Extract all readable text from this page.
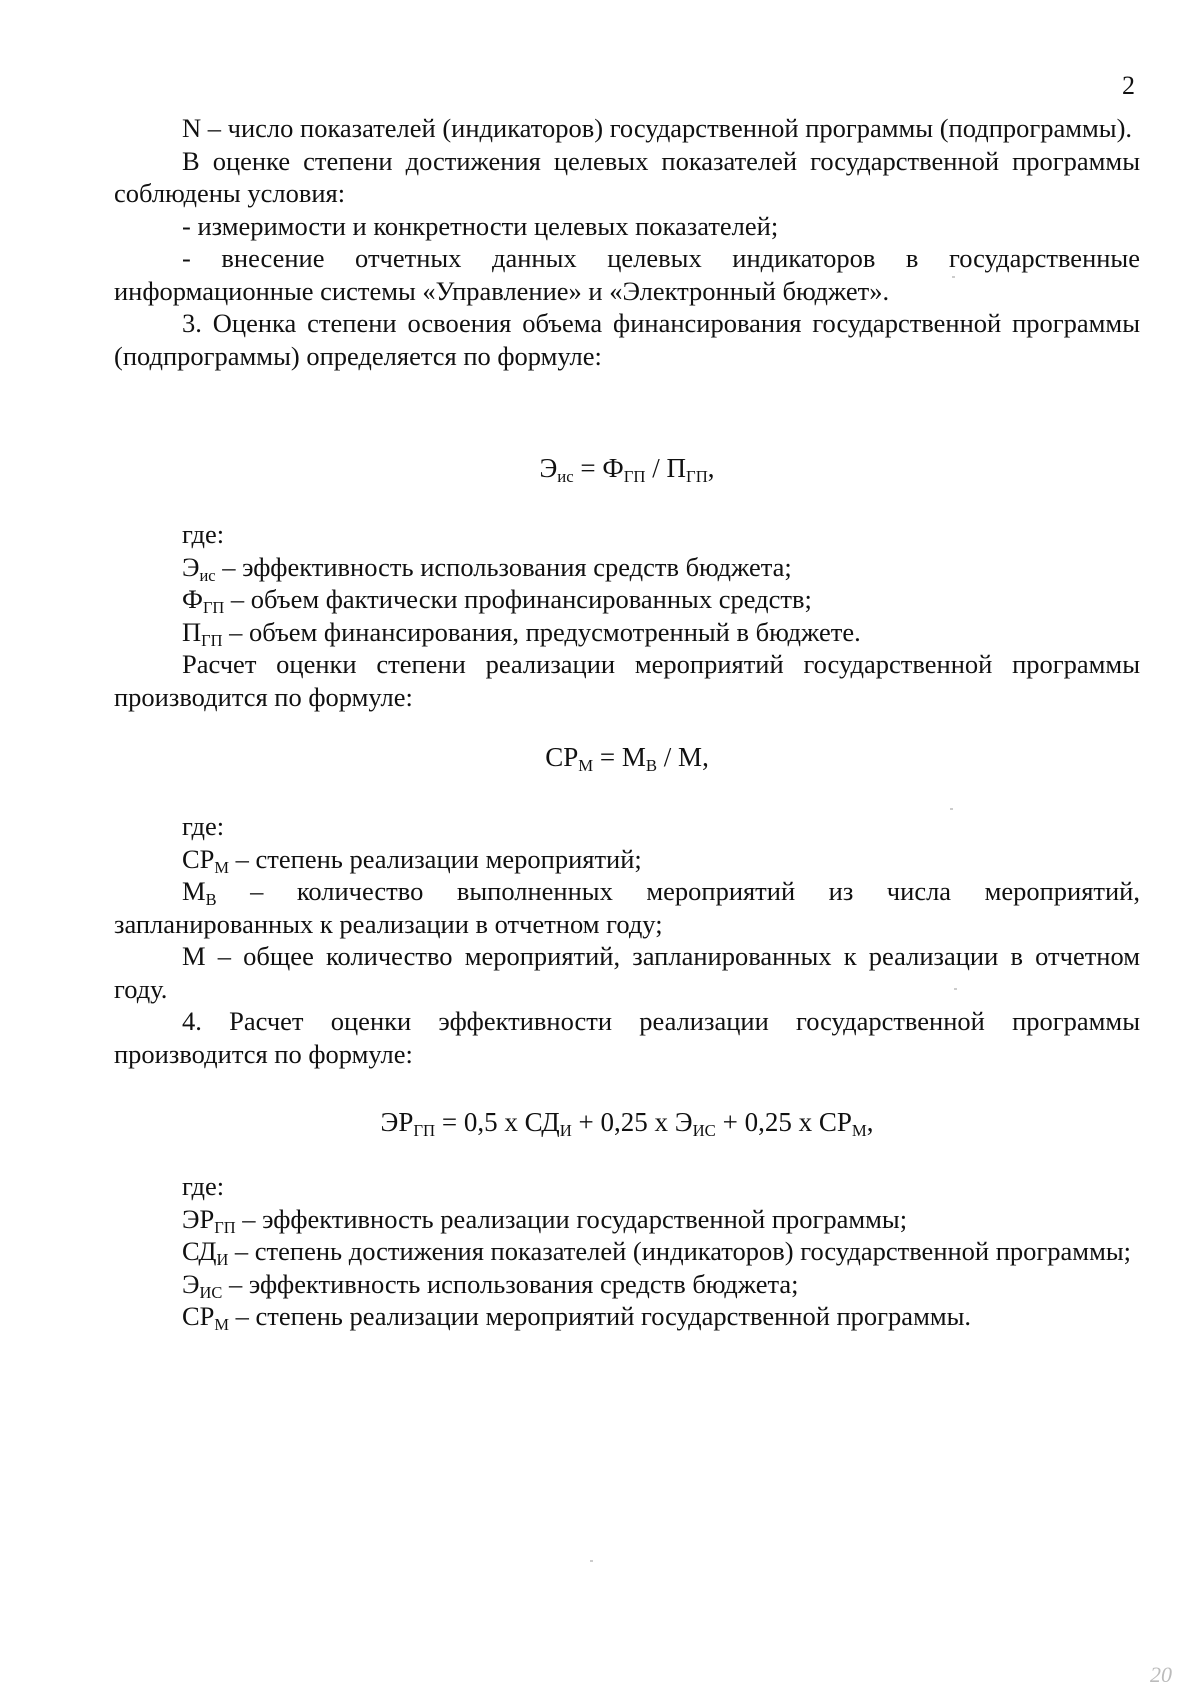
2

N – число показателей (индикаторов) государственной программы (подпрограммы).

В оценке степени достижения целевых показателей государственной программы соблюдены условия:

- измеримости и конкретности целевых показателей;

- внесение отчетных данных целевых индикаторов в государственные информационные системы «Управление» и «Электронный бюджет».

3. Оценка степени освоения объема финансирования государственной программы (подпрограммы) определяется по формуле:

$Э_{ис} = Ф_{ГП} / П_{ГП}$,

где:

$Э_{ис}$ – эффективность использования средств бюджета;

$Ф_{ГП}$ – объем фактически профинансированных средств;

$П_{ГП}$ – объем финансирования, предусмотренный в бюджете.

Расчет оценки степени реализации мероприятий государственной программы производится по формуле:

$СР_М = М_В / М$,

где:

$СР_М$ – степень реализации мероприятий;

$М_В$ – количество выполненных мероприятий из числа мероприятий, запланированных к реализации в отчетном году;

М – общее количество мероприятий, запланированных к реализации в отчетном году.

4. Расчет оценки эффективности реализации государственной программы производится по формуле:

$ЭР_{ГП} = 0,5$ х $СД_И + 0,25$ х $Э_{ИС} + 0,25$ х $СР_М$,

где:

$ЭР_{ГП}$ – эффективность реализации государственной программы;

$СД_И$ – степень достижения показателей (индикаторов) государственной программы;

$Э_{ИС}$ – эффективность использования средств бюджета;

$СР_М$ – степень реализации мероприятий государственной программы.

20
